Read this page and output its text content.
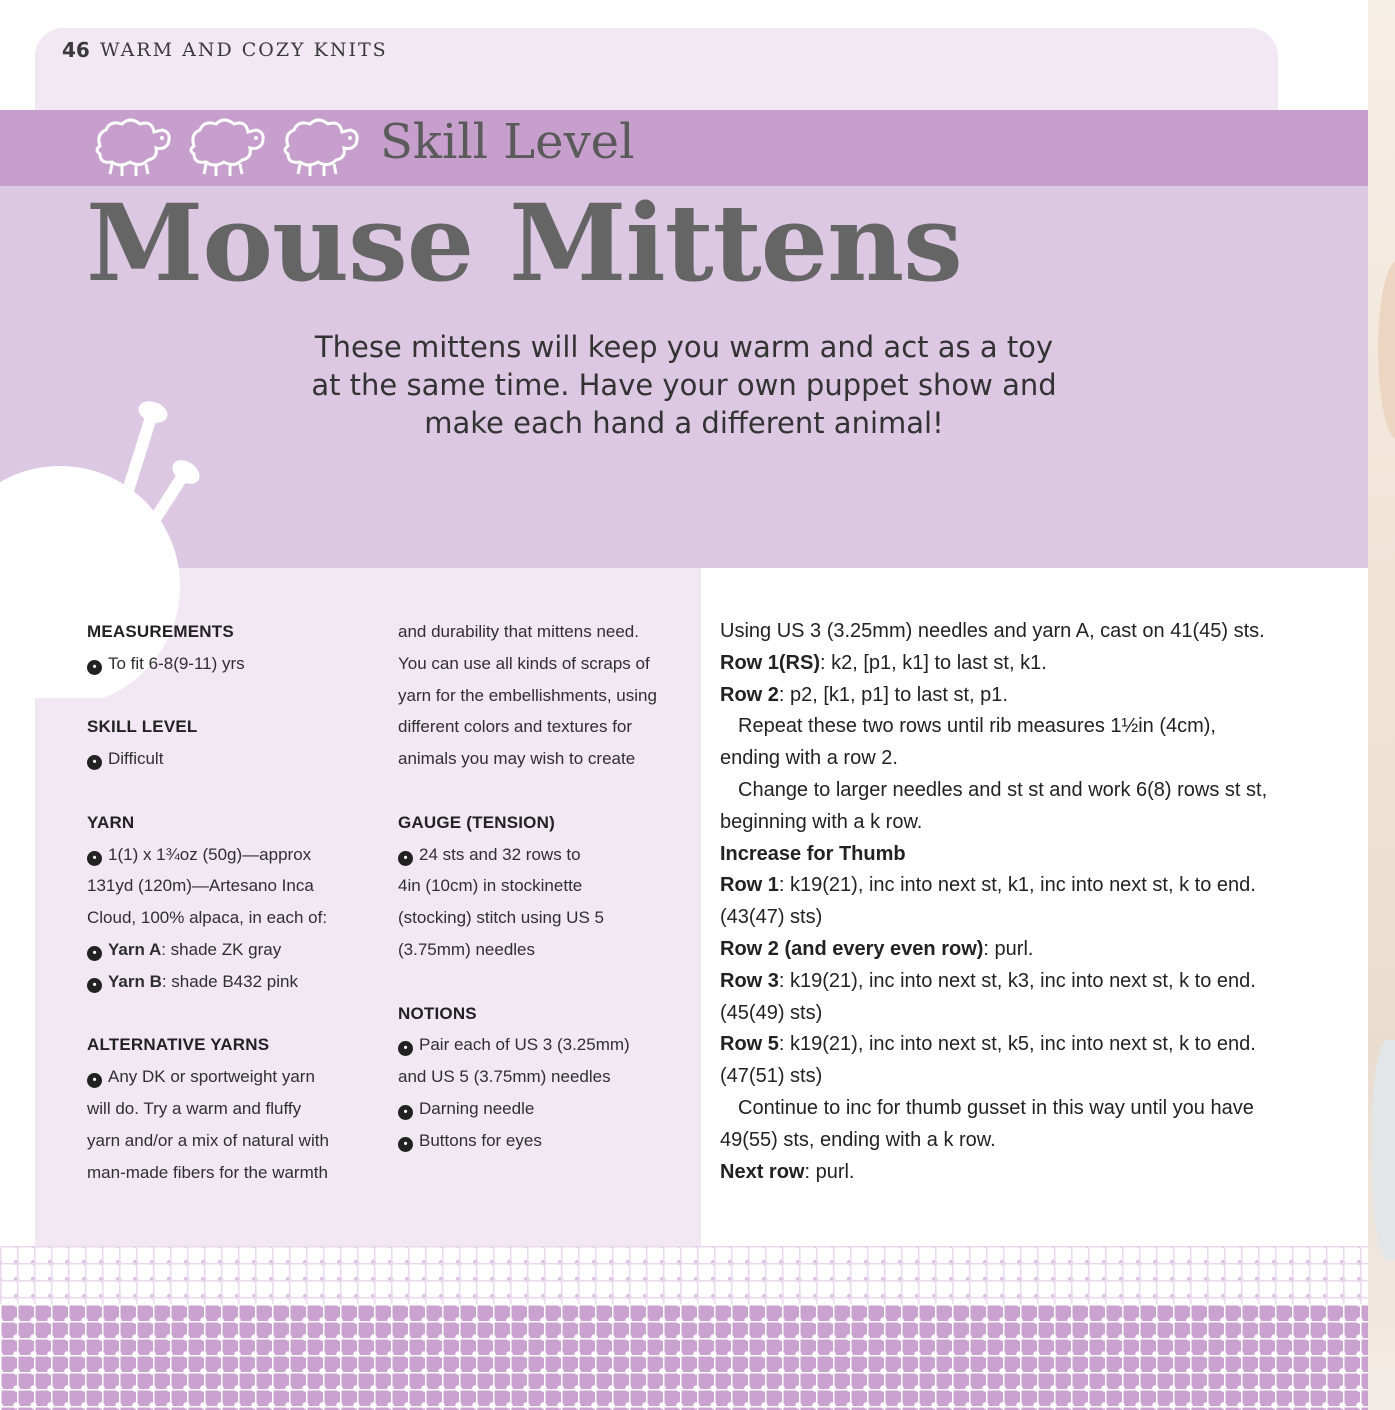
46 WARM AND COZY KNITS
Skill Level
Mouse Mittens
These mittens will keep you warm and act as a toy
at the same time. Have your own puppet show and
make each hand a different animal!
MEASUREMENTS
• To fit 6-8(9-11) yrs
SKILL LEVEL
• Difficult
YARN
• 1(1) x 1¾oz (50g)—approx
131yd (120m)—Artesano Inca
Cloud, 100% alpaca, in each of:
• Yarn A: shade ZK gray
• Yarn B: shade B432 pink
ALTERNATIVE YARNS
• Any DK or sportweight yarn
will do. Try a warm and fluffy
yarn and/or a mix of natural with
man-made fibers for the warmth
and durability that mittens need.
You can use all kinds of scraps of
yarn for the embellishments, using
different colors and textures for
animals you may wish to create
GAUGE (TENSION)
• 24 sts and 32 rows to
4in (10cm) in stockinette
(stocking) stitch using US 5
(3.75mm) needles
NOTIONS
• Pair each of US 3 (3.25mm)
and US 5 (3.75mm) needles
• Darning needle
• Buttons for eyes
Using US 3 (3.25mm) needles and yarn A, cast on 41(45) sts.
Row 1(RS): k2, [p1, k1] to last st, k1.
Row 2: p2, [k1, p1] to last st, p1.
Repeat these two rows until rib measures 1½in (4cm),
ending with a row 2.
Change to larger needles and st st and work 6(8) rows st st,
beginning with a k row.
Increase for Thumb
Row 1: k19(21), inc into next st, k1, inc into next st, k to end.
(43(47) sts)
Row 2 (and every even row): purl.
Row 3: k19(21), inc into next st, k3, inc into next st, k to end.
(45(49) sts)
Row 5: k19(21), inc into next st, k5, inc into next st, k to end.
(47(51) sts)
Continue to inc for thumb gusset in this way until you have
49(55) sts, ending with a k row.
Next row: purl.
